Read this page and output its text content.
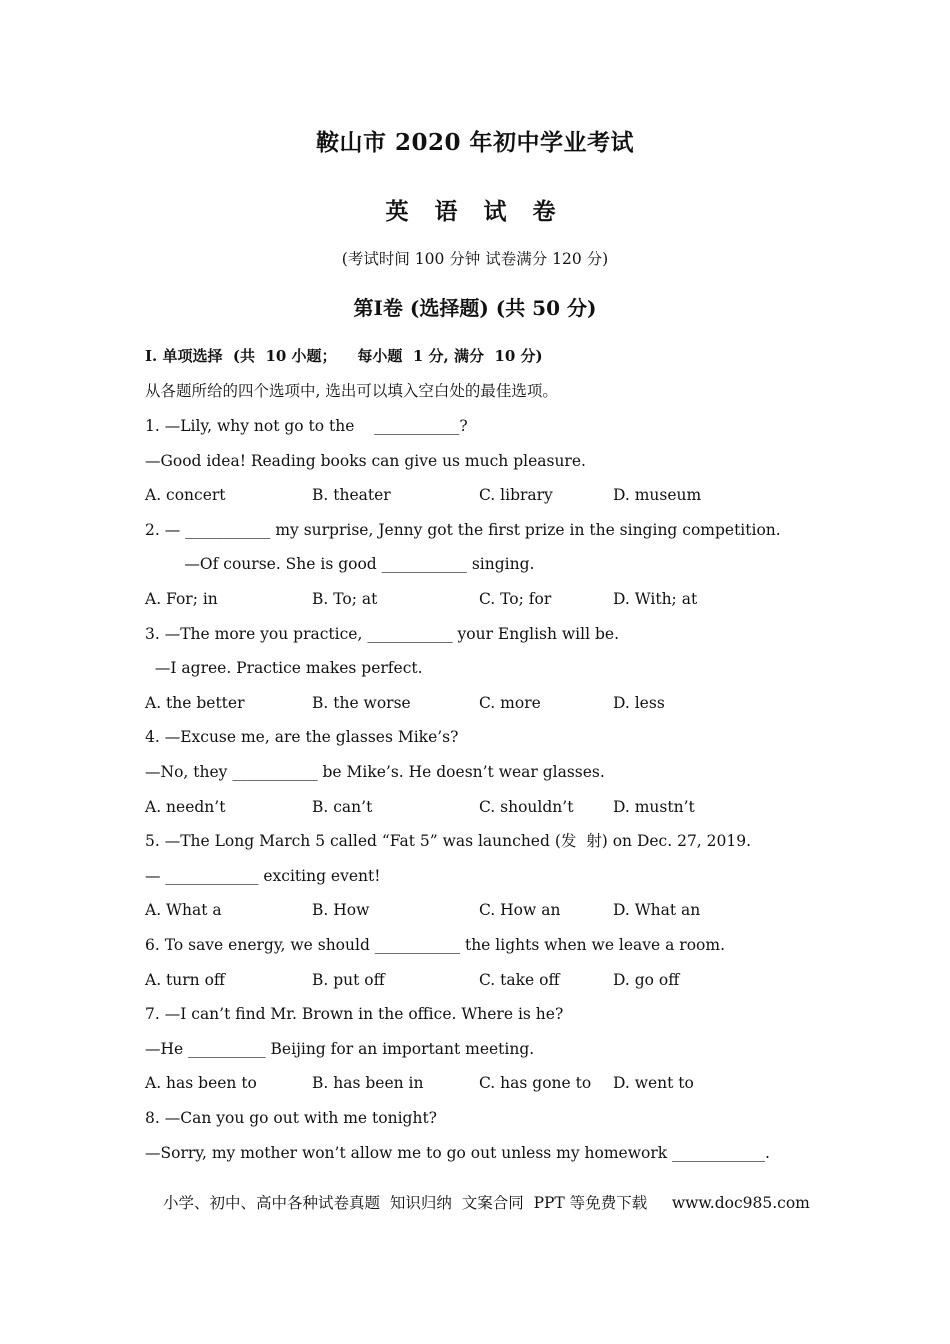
鞍山市 2020 年初中学业考试
英 语 试 卷
(考试时间 100 分钟 试卷满分 120 分)
第Ⅰ卷 (选择题) (共 50 分)
I. 单项选择  (共  10 小题；    每小题  1 分, 满分  10 分)
从各题所给的四个选项中, 选出可以填入空白处的最佳选项。
1. —Lily, why not go to the    ___________?
—Good idea! Reading books can give us much pleasure.
A. concert	B. theater	C. library	D. museum
2. — ___________ my surprise, Jenny got the first prize in the singing competition.
—Of course. She is good ___________ singing.
A. For; in	B. To; at	C. To; for	D. With; at
3. —The more you practice, ___________ your English will be.
—I agree. Practice makes perfect.
A. the better	B. the worse	C. more	D. less
4. —Excuse me, are the glasses Mike’s?
—No, they ___________ be Mike’s. He doesn’t wear glasses.
A. needn’t	B. can’t	C. shouldn’t	D. mustn’t
5. —The Long March 5 called “Fat 5” was launched (发  射) on Dec. 27, 2019.
— ____________ exciting event!
A. What a	B. How	C. How an	D. What an
6. To save energy, we should ___________ the lights when we leave a room.
A. turn off	B. put off	C. take off	D. go off
7. —I can’t find Mr. Brown in the office. Where is he?
—He __________ Beijing for an important meeting.
A. has been to	B. has been in	C. has gone to D. went to
8. —Can you go out with me tonight?
—Sorry, my mother won’t allow me to go out unless my homework ____________.
小学、初中、高中各种试卷真题  知识归纳  文案合同  PPT 等免费下载     www.doc985.com
